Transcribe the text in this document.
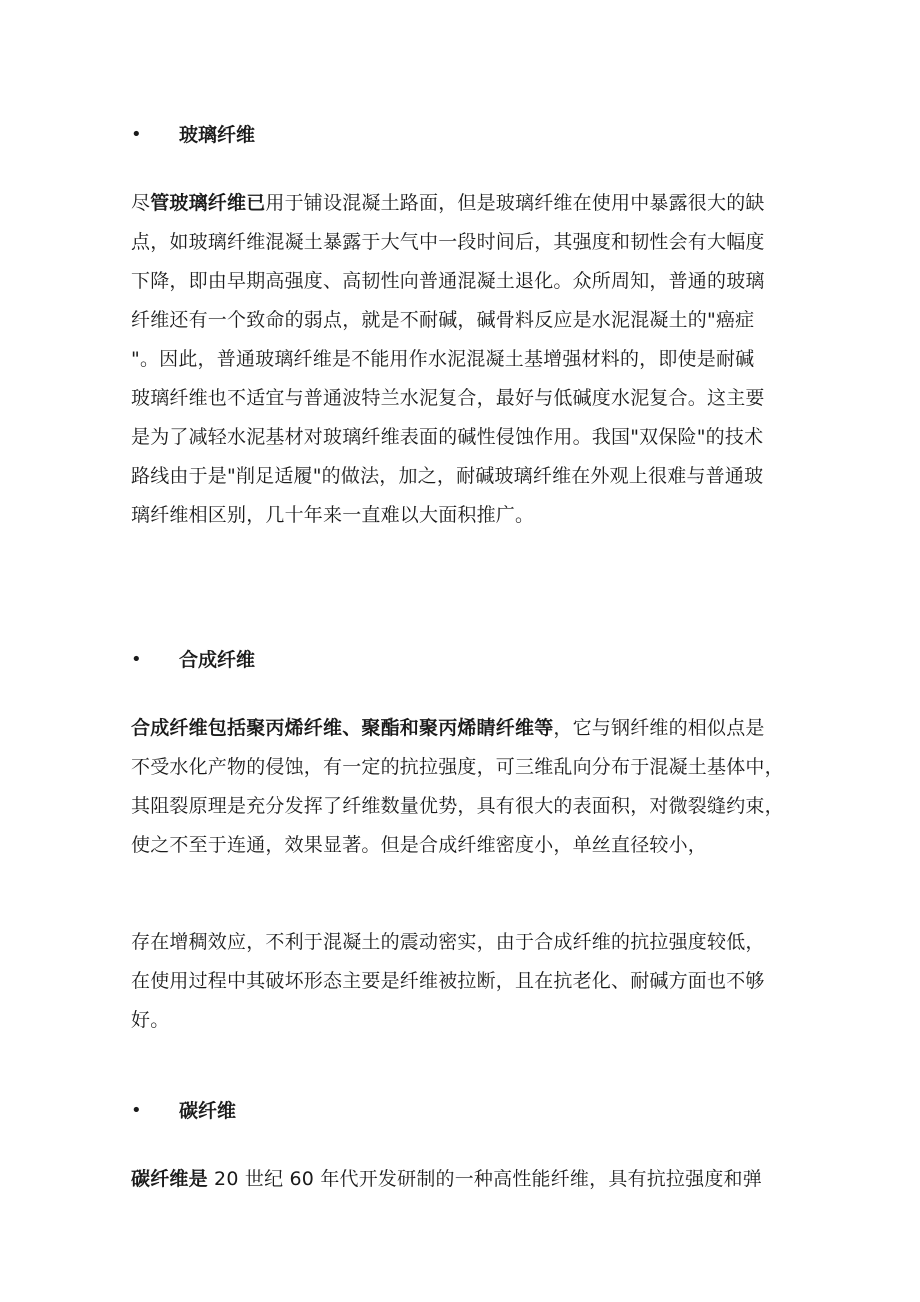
• 玻璃纤维
尽管玻璃纤维已用于铺设混凝土路面，但是玻璃纤维在使用中暴露很大的缺
点，如玻璃纤维混凝土暴露于大气中一段时间后，其强度和韧性会有大幅度
下降，即由早期高强度、高韧性向普通混凝土退化。众所周知，普通的玻璃
纤维还有一个致命的弱点，就是不耐碱，碱骨料反应是水泥混凝土的"癌症
"。因此，普通玻璃纤维是不能用作水泥混凝土基增强材料的，即使是耐碱
玻璃纤维也不适宜与普通波特兰水泥复合，最好与低碱度水泥复合。这主要
是为了减轻水泥基材对玻璃纤维表面的碱性侵蚀作用。我国"双保险"的技术
路线由于是"削足适履"的做法，加之，耐碱玻璃纤维在外观上很难与普通玻
璃纤维相区别，几十年来一直难以大面积推广。
• 合成纤维
合成纤维包括聚丙烯纤维、聚酯和聚丙烯睛纤维等，它与钢纤维的相似点是
不受水化产物的侵蚀，有一定的抗拉强度，可三维乱向分布于混凝土基体中，
其阻裂原理是充分发挥了纤维数量优势，具有很大的表面积，对微裂缝约束，
使之不至于连通，效果显著。但是合成纤维密度小，单丝直径较小，
存在增稠效应，不利于混凝土的震动密实，由于合成纤维的抗拉强度较低，
在使用过程中其破坏形态主要是纤维被拉断，且在抗老化、耐碱方面也不够
好。
• 碳纤维
碳纤维是 20 世纪 60 年代开发研制的一种高性能纤维，具有抗拉强度和弹
